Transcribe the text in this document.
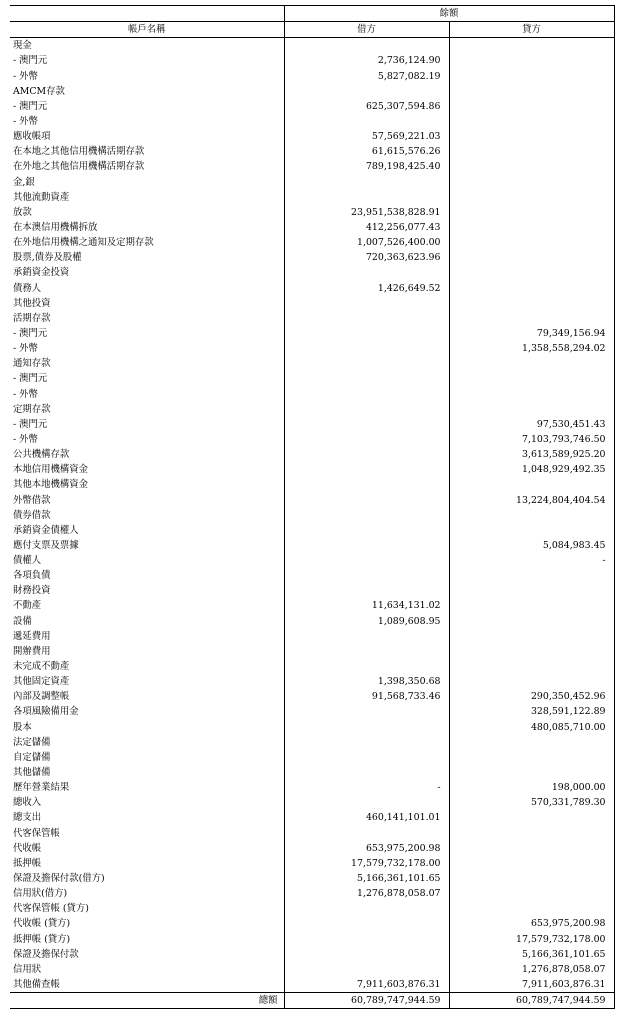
	餘額	
帳戶名稱	借方	貸方
現金		
- 澳門元	2,736,124.90	
- 外幣	5,827,082.19	
AMCM存款		
- 澳門元	625,307,594.86	
- 外幣		
應收帳項	57,569,221.03	
在本地之其他信用機構活期存款	61,615,576.26	
在外地之其他信用機構活期存款	789,198,425.40	
金,銀		
其他流動資產		
放款	23,951,538,828.91	
在本澳信用機構拆放	412,256,077.43	
在外地信用機構之通知及定期存款	1,007,526,400.00	
股票,債券及股權	720,363,623.96	
承銷資金投資		
債務人	1,426,649.52	
其他投資		
活期存款		
- 澳門元		79,349,156.94
- 外幣		1,358,558,294.02
通知存款		
- 澳門元		
- 外幣		
定期存款		
- 澳門元		97,530,451.43
- 外幣		7,103,793,746.50
公共機構存款		3,613,589,925.20
本地信用機構資金		1,048,929,492.35
其他本地機構資金		
外幣借款		13,224,804,404.54
債券借款		
承銷資金債權人		
應付支票及票據		5,084,983.45
債權人		-
各項負債		
財務投資		
不動產	11,634,131.02	
設備	1,089,608.95	
遞延費用		
開辦費用		
未完成不動產		
其他固定資產	1,398,350.68	
內部及調整帳	91,568,733.46	290,350,452.96
各項風險備用金		328,591,122.89
股本		480,085,710.00
法定儲備		
自定儲備		
其他儲備		
歷年營業結果	-	198,000.00
總收入		570,331,789.30
總支出	460,141,101.01	
代客保管帳		
代收帳	653,975,200.98	
抵押帳	17,579,732,178.00	
保證及擔保付款(借方)	5,166,361,101.65	
信用狀(借方)	1,276,878,058.07	
代客保管帳 (貸方)		
代收帳 (貸方)		653,975,200.98
抵押帳 (貸方)		17,579,732,178.00
保證及擔保付款		5,166,361,101.65
信用狀		1,276,878,058.07
其他備查帳	7,911,603,876.31	7,911,603,876.31
總額	60,789,747,944.59	60,789,747,944.59
